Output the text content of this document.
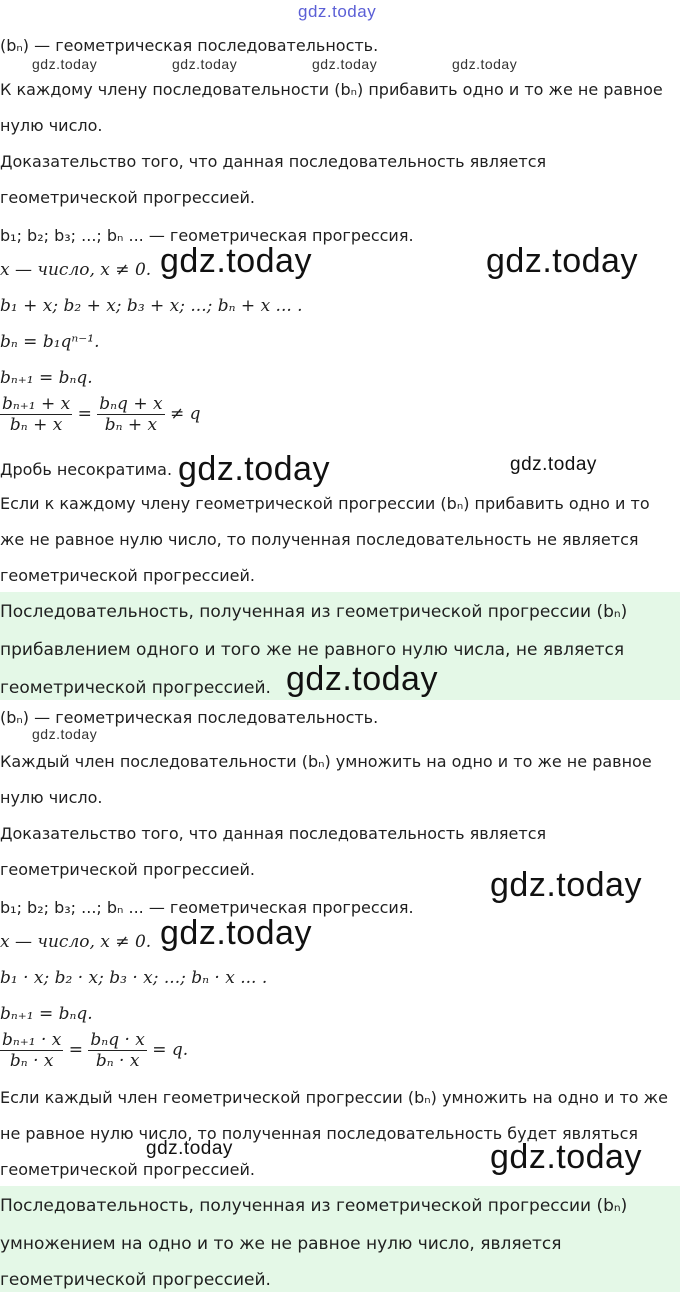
gdz.today
gdz.today	gdz.today	gdz.today	gdz.today
gdz.today	gdz.today
gdz.today	gdz.today
gdz.today
gdz.today
gdz.today
gdz.today
gdz.today	gdz.today
(bₙ) — геометрическая последовательность.
К каждому члену последовательности (bₙ) прибавить одно и то же не равное
нулю число.
Доказательство того, что данная последовательность является
геометрической прогрессией.
b₁; b₂; b₃; ...; bₙ ... — геометрическая прогрессия.
x — число, x ≠ 0.
b₁ + x; b₂ + x; b₃ + x; ...; bₙ + x ... .
bₙ = b₁qⁿ⁻¹.
bₙ₊₁ = bₙq.
$\frac{\text{bₙ₊₁ + x}}{\text{bₙ + x}} = \frac{\text{bₙq + x}}{\text{bₙ + x}} \ne q$
Дробь несократима.
Если к каждому члену геометрической прогрессии (bₙ) прибавить одно и то
же не равное нулю число, то полученная последовательность не является
геометрической прогрессией.
Последовательность, полученная из геометрической прогрессии (bₙ)
прибавлением одного и того же не равного нулю числа, не является
геометрической прогрессией.
(bₙ) — геометрическая последовательность.
Каждый член последовательности (bₙ) умножить на одно и то же не равное
нулю число.
Доказательство того, что данная последовательность является
геометрической прогрессией.
b₁; b₂; b₃; ...; bₙ ... — геометрическая прогрессия.
x — число, x ≠ 0.
b₁ · x; b₂ · x; b₃ · x; ...; bₙ · x ... .
bₙ₊₁ = bₙq.
$\frac{\text{bₙ₊₁ · x}}{\text{bₙ · x}} = \frac{\text{bₙq · x}}{\text{bₙ · x}} = q$.
Если каждый член геометрической прогрессии (bₙ) умножить на одно и то же
не равное нулю число, то полученная последовательность будет являться
геометрической прогрессией.
Последовательность, полученная из геометрической прогрессии (bₙ)
умножением на одно и то же не равное нулю число, является
геометрической прогрессией.
